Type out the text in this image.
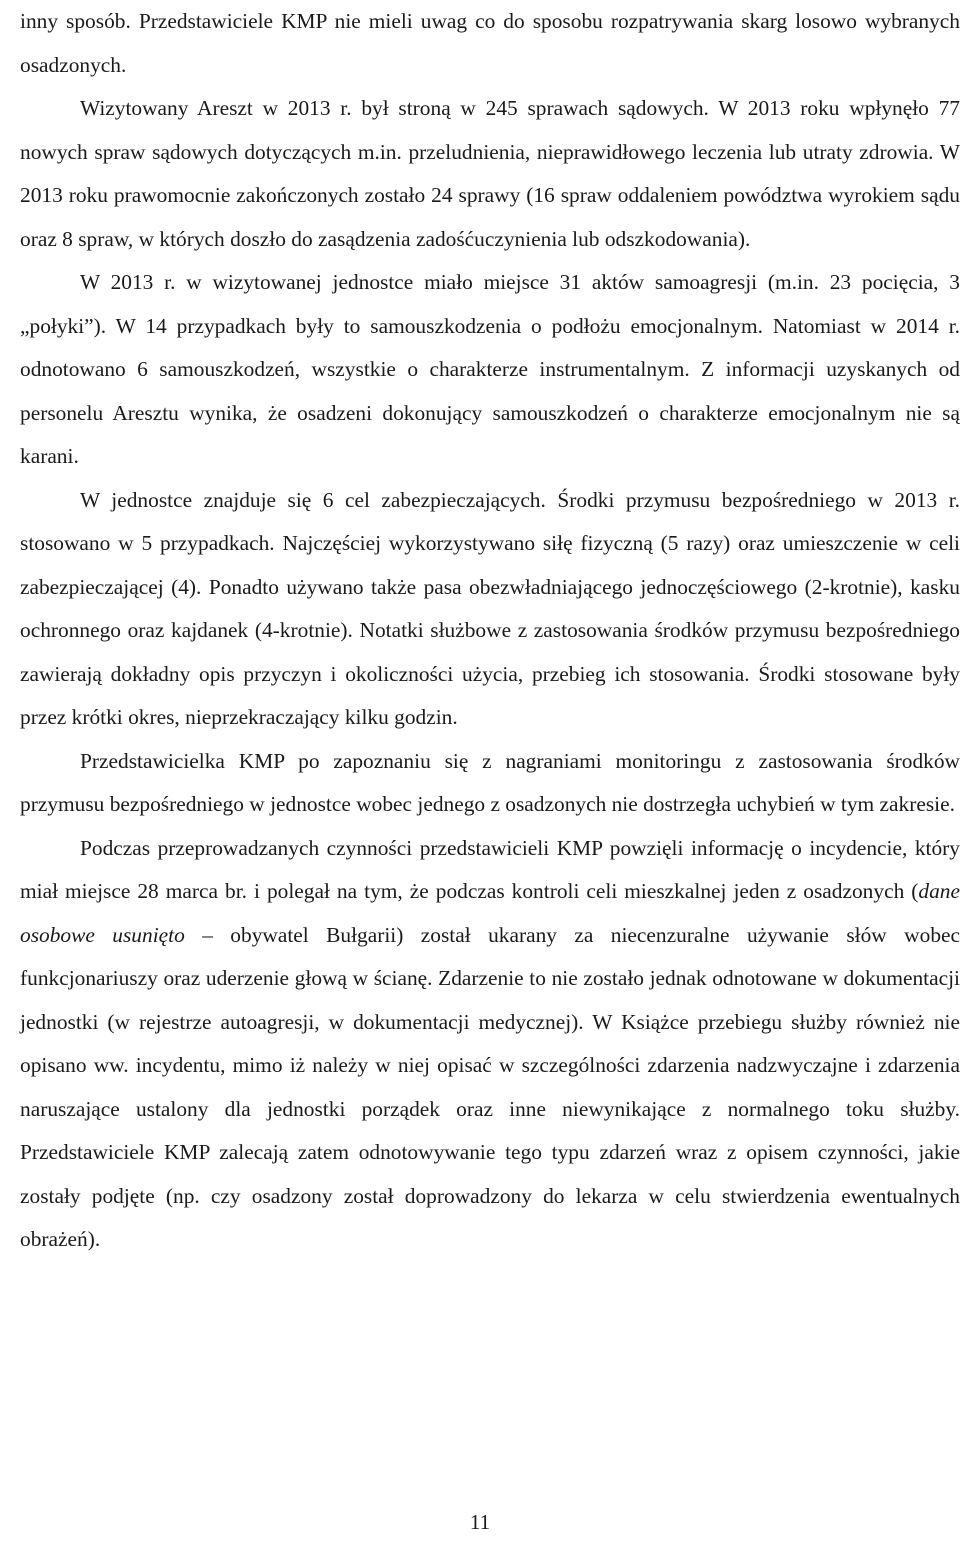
inny sposób. Przedstawiciele KMP nie mieli uwag co do sposobu rozpatrywania skarg losowo wybranych osadzonych.

Wizytowany Areszt w 2013 r. był stroną w 245 sprawach sądowych. W 2013 roku wpłynęło 77 nowych spraw sądowych dotyczących m.in. przeludnienia, nieprawidłowego leczenia lub utraty zdrowia. W 2013 roku prawomocnie zakończonych zostało 24 sprawy (16 spraw oddaleniem powództwa wyrokiem sądu oraz 8 spraw, w których doszło do zasądzenia zadośćuczynienia lub odszkodowania).

W 2013 r. w wizytowanej jednostce miało miejsce 31 aktów samoagresji (m.in. 23 pocięcia, 3 „połyki”). W 14 przypadkach były to samouszkodzenia o podłożu emocjonalnym. Natomiast w 2014 r. odnotowano 6 samouszkodzeń, wszystkie o charakterze instrumentalnym. Z informacji uzyskanych od personelu Aresztu wynika, że osadzeni dokonujący samouszkodzeń o charakterze emocjonalnym nie są karani.

W jednostce znajduje się 6 cel zabezpieczających. Środki przymusu bezpośredniego w 2013 r. stosowano w 5 przypadkach. Najczęściej wykorzystywano siłę fizyczną (5 razy) oraz umieszczenie w celi zabezpieczającej (4). Ponadto używano także pasa obezwładniającego jednoczęściowego (2-krotnie), kasku ochronnego oraz kajdanek (4-krotnie). Notatki służbowe z zastosowania środków przymusu bezpośredniego zawierają dokładny opis przyczyn i okoliczności użycia, przebieg ich stosowania. Środki stosowane były przez krótki okres, nieprzekraczający kilku godzin.

Przedstawicielka KMP po zapoznaniu się z nagraniami monitoringu z zastosowania środków przymusu bezpośredniego w jednostce wobec jednego z osadzonych nie dostrzegła uchybień w tym zakresie.

Podczas przeprowadzanych czynności przedstawicieli KMP powzięli informację o incydencie, który miał miejsce 28 marca br. i polegał na tym, że podczas kontroli celi mieszkalnej jeden z osadzonych (dane osobowe usunięto – obywatel Bułgarii) został ukarany za niecenzuralne używanie słów wobec funkcjonariuszy oraz uderzenie głową w ścianę. Zdarzenie to nie zostało jednak odnotowane w dokumentacji jednostki (w rejestrze autoagresji, w dokumentacji medycznej). W Książce przebiegu służby również nie opisano ww. incydentu, mimo iż należy w niej opisać w szczególności zdarzenia nadzwyczajne i zdarzenia naruszające ustalony dla jednostki porządek oraz inne niewynikające z normalnego toku służby. Przedstawiciele KMP zalecają zatem odnotowywanie tego typu zdarzeń wraz z opisem czynności, jakie zostały podjęte (np. czy osadzony został doprowadzony do lekarza w celu stwierdzenia ewentualnych obrażeń).

11
